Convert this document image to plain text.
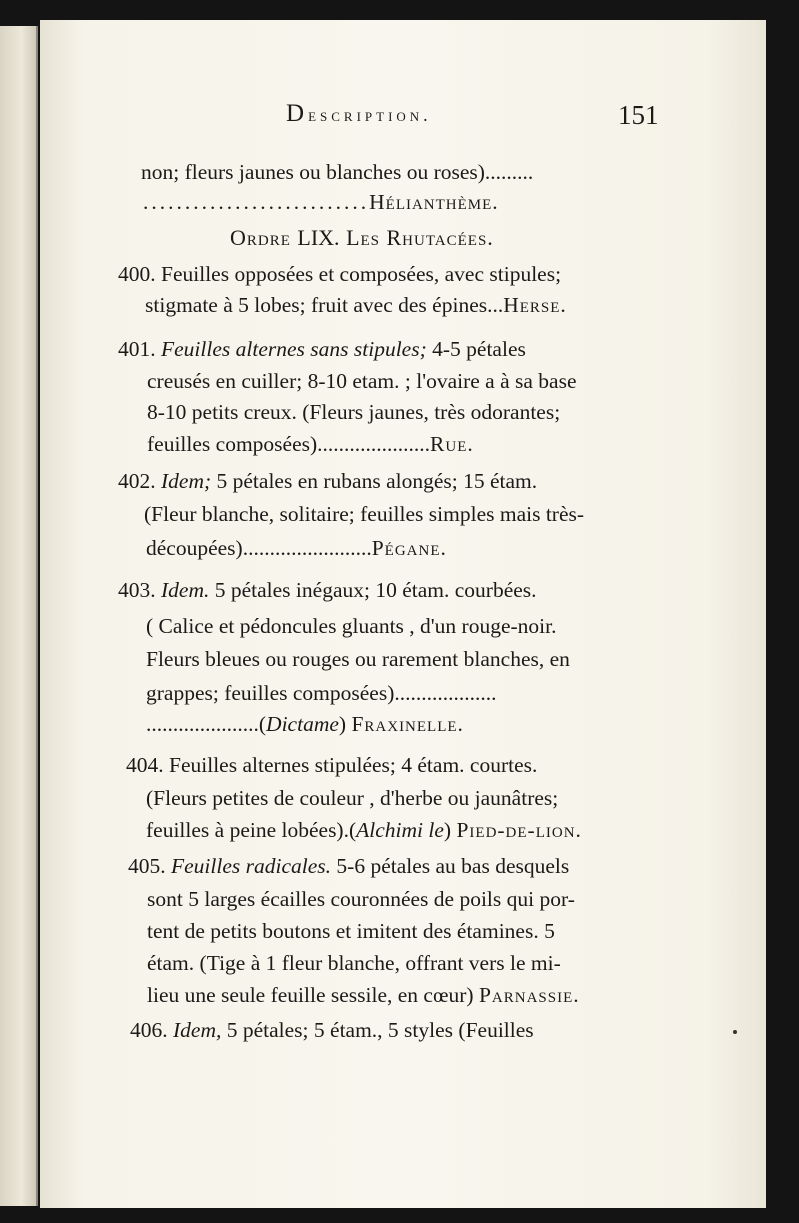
Description.	151
non; fleurs jaunes ou blanches ou roses).........
...........................Hélianthème.
Ordre LIX. Les Rhutacées.
400. Feuilles opposées et composées, avec stipules;
stigmate à 5 lobes; fruit avec des épines...Herse.
401. Feuilles alternes sans stipules; 4-5 pétales
creusés en cuiller; 8-10 etam. ; l'ovaire a à sa base
8-10 petits creux. (Fleurs jaunes, très odorantes;
feuilles composées).....................Rue.
402. Idem; 5 pétales en rubans alongés; 15 étam.
(Fleur blanche, solitaire; feuilles simples mais très-
découpées)........................Pégane.
403. Idem. 5 pétales inégaux; 10 étam. courbées.
( Calice et pédoncules gluants , d'un rouge-noir.
Fleurs bleues ou rouges ou rarement blanches, en
grappes; feuilles composées)...................
.....................(Dictame) Fraxinelle.
404. Feuilles alternes stipulées; 4 étam. courtes.
(Fleurs petites de couleur , d'herbe ou jaunâtres;
feuilles à peine lobées).(Alchimi le) Pied-de-lion.
405. Feuilles radicales. 5-6 pétales au bas desquels
sont 5 larges écailles couronnées de poils qui por-
tent de petits boutons et imitent des étamines. 5
étam. (Tige à 1 fleur blanche, offrant vers le mi-
lieu une seule feuille sessile, en cœur) Parnassie.
406. Idem, 5 pétales; 5 étam., 5 styles (Feuilles
